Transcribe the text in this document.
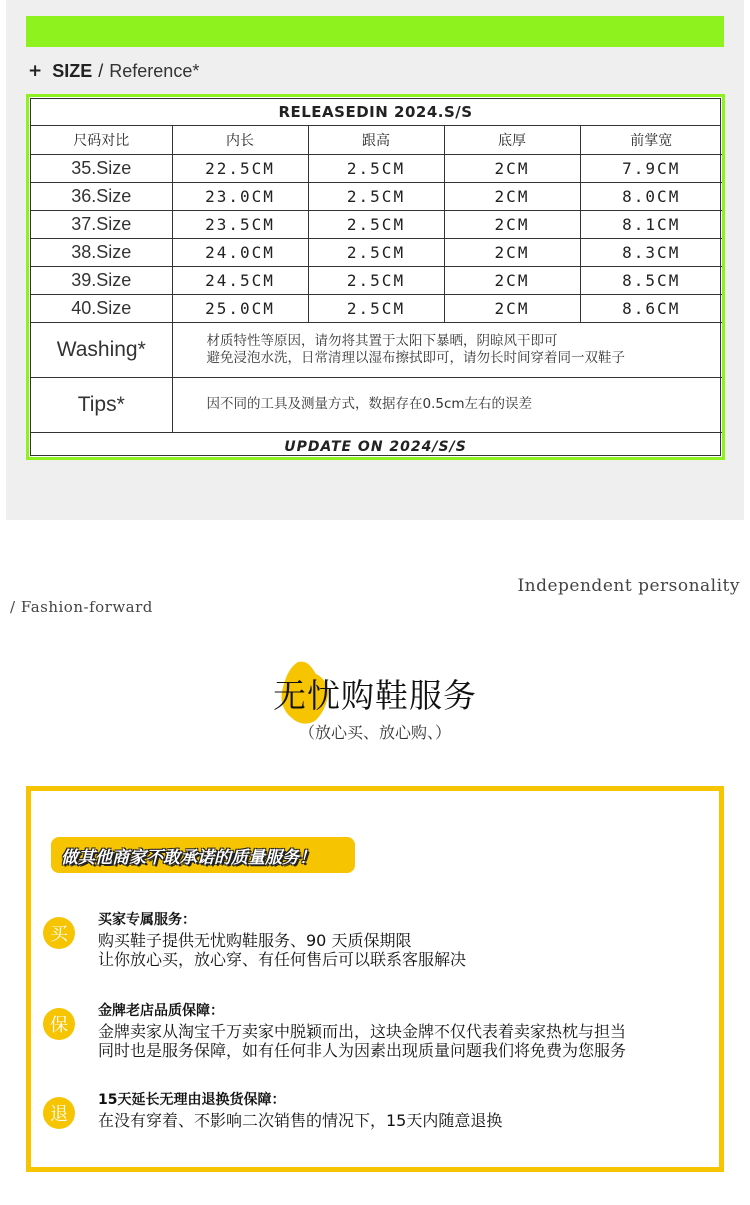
+ SIZE / Reference*
RELEASEDIN 2024.S/S
尺码对比	内长	跟高	底厚	前掌宽
35.Size	22.5CM	2.5CM	2CM	7.9CM
36.Size	23.0CM	2.5CM	2CM	8.0CM
37.Size	23.5CM	2.5CM	2CM	8.1CM
38.Size	24.0CM	2.5CM	2CM	8.3CM
39.Size	24.5CM	2.5CM	2CM	8.5CM
40.Size	25.0CM	2.5CM	2CM	8.6CM
Washing*	材质特性等原因，请勿将其置于太阳下暴晒，阴晾风干即可
避免浸泡水洗，日常清理以湿布擦拭即可，请勿长时间穿着同一双鞋子			

Tips*	因不同的工具及测量方式，数据存在0.5cm左右的误差			
UPDATE ON 2024/S/S
Independent personality
/ Fashion-forward
无忧购鞋服务
（放心买、放心购、）
做其他商家不敢承诺的质量服务！
买
买家专属服务：
购买鞋子提供无忧购鞋服务、90 天质保期限
让你放心买，放心穿、有任何售后可以联系客服解决
保
金牌老店品质保障：
金牌卖家从淘宝千万卖家中脱颖而出，这块金牌不仅代表着卖家热枕与担当
同时也是服务保障，如有任何非人为因素出现质量问题我们将免费为您服务
退
15天延长无理由退换货保障：
在没有穿着、不影响二次销售的情况下，15天内随意退换
